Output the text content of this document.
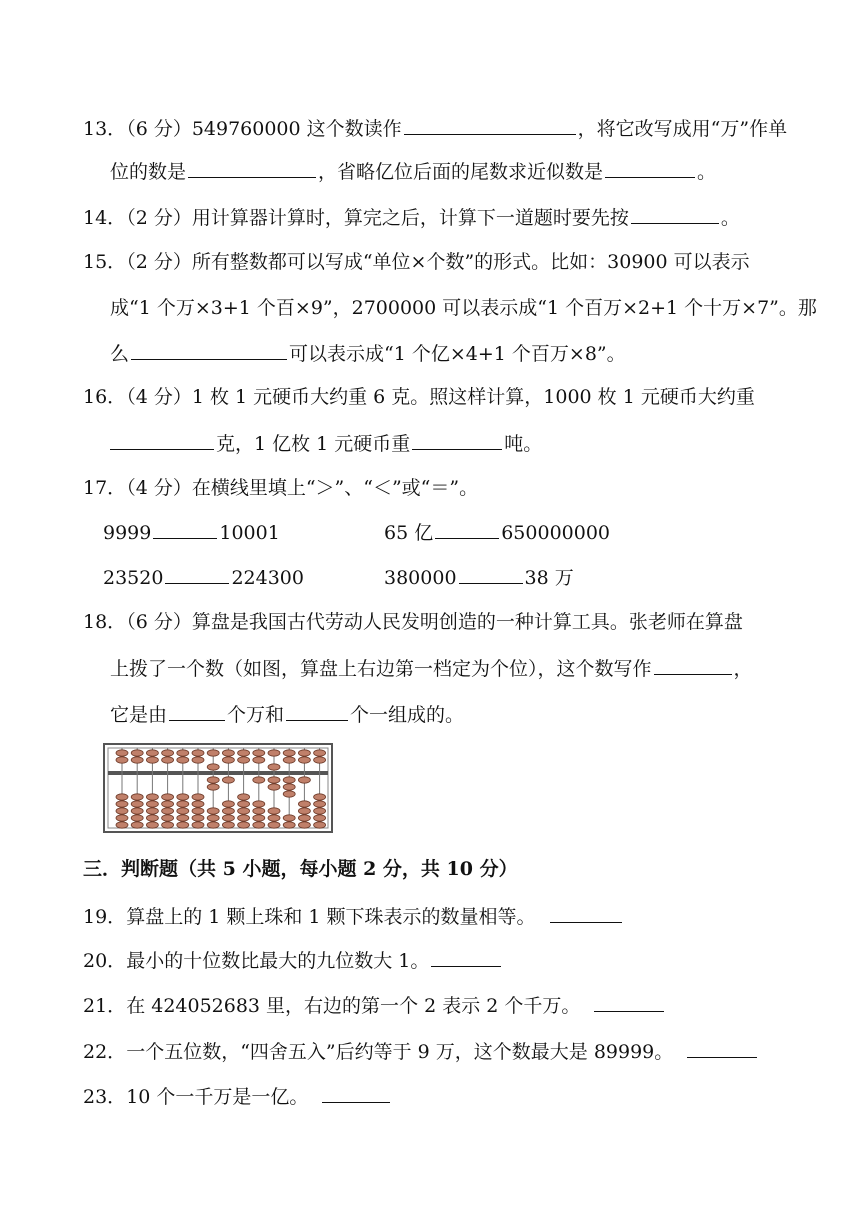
13．（6 分）549760000 这个数读作	，将它改写成用“万”作单
位的数是	，省略亿位后面的尾数求近似数是	。
14．（2 分）用计算器计算时，算完之后，计算下一道题时要先按	。
15．（2 分）所有整数都可以写成“单位×个数”的形式。比如：30900 可以表示
成“1 个万×3+1 个百×9”，2700000 可以表示成“1 个百万×2+1 个十万×7”。那
么	可以表示成“1 个亿×4+1 个百万×8”。
16．（4 分）1 枚 1 元硬币大约重 6 克。照这样计算，1000 枚 1 元硬币大约重
克，1 亿枚 1 元硬币重	吨。
17．（4 分）在横线里填上“＞”、“＜”或“＝”。
9999	10001	65 亿	650000000
23520	224300	380000	38 万
18．（6 分）算盘是我国古代劳动人民发明创造的一种计算工具。张老师在算盘
上拨了一个数（如图，算盘上右边第一档定为个位），这个数写作	，
它是由	个万和	个一组成的。
三．判断题（共 5 小题，每小题 2 分，共 10 分）
19．算盘上的 1 颗上珠和 1 颗下珠表示的数量相等。
20．最小的十位数比最大的九位数大 1。
21．在 424052683 里，右边的第一个 2 表示 2 个千万。
22．一个五位数，“四舍五入”后约等于 9 万，这个数最大是 89999。
23．10 个一千万是一亿。
